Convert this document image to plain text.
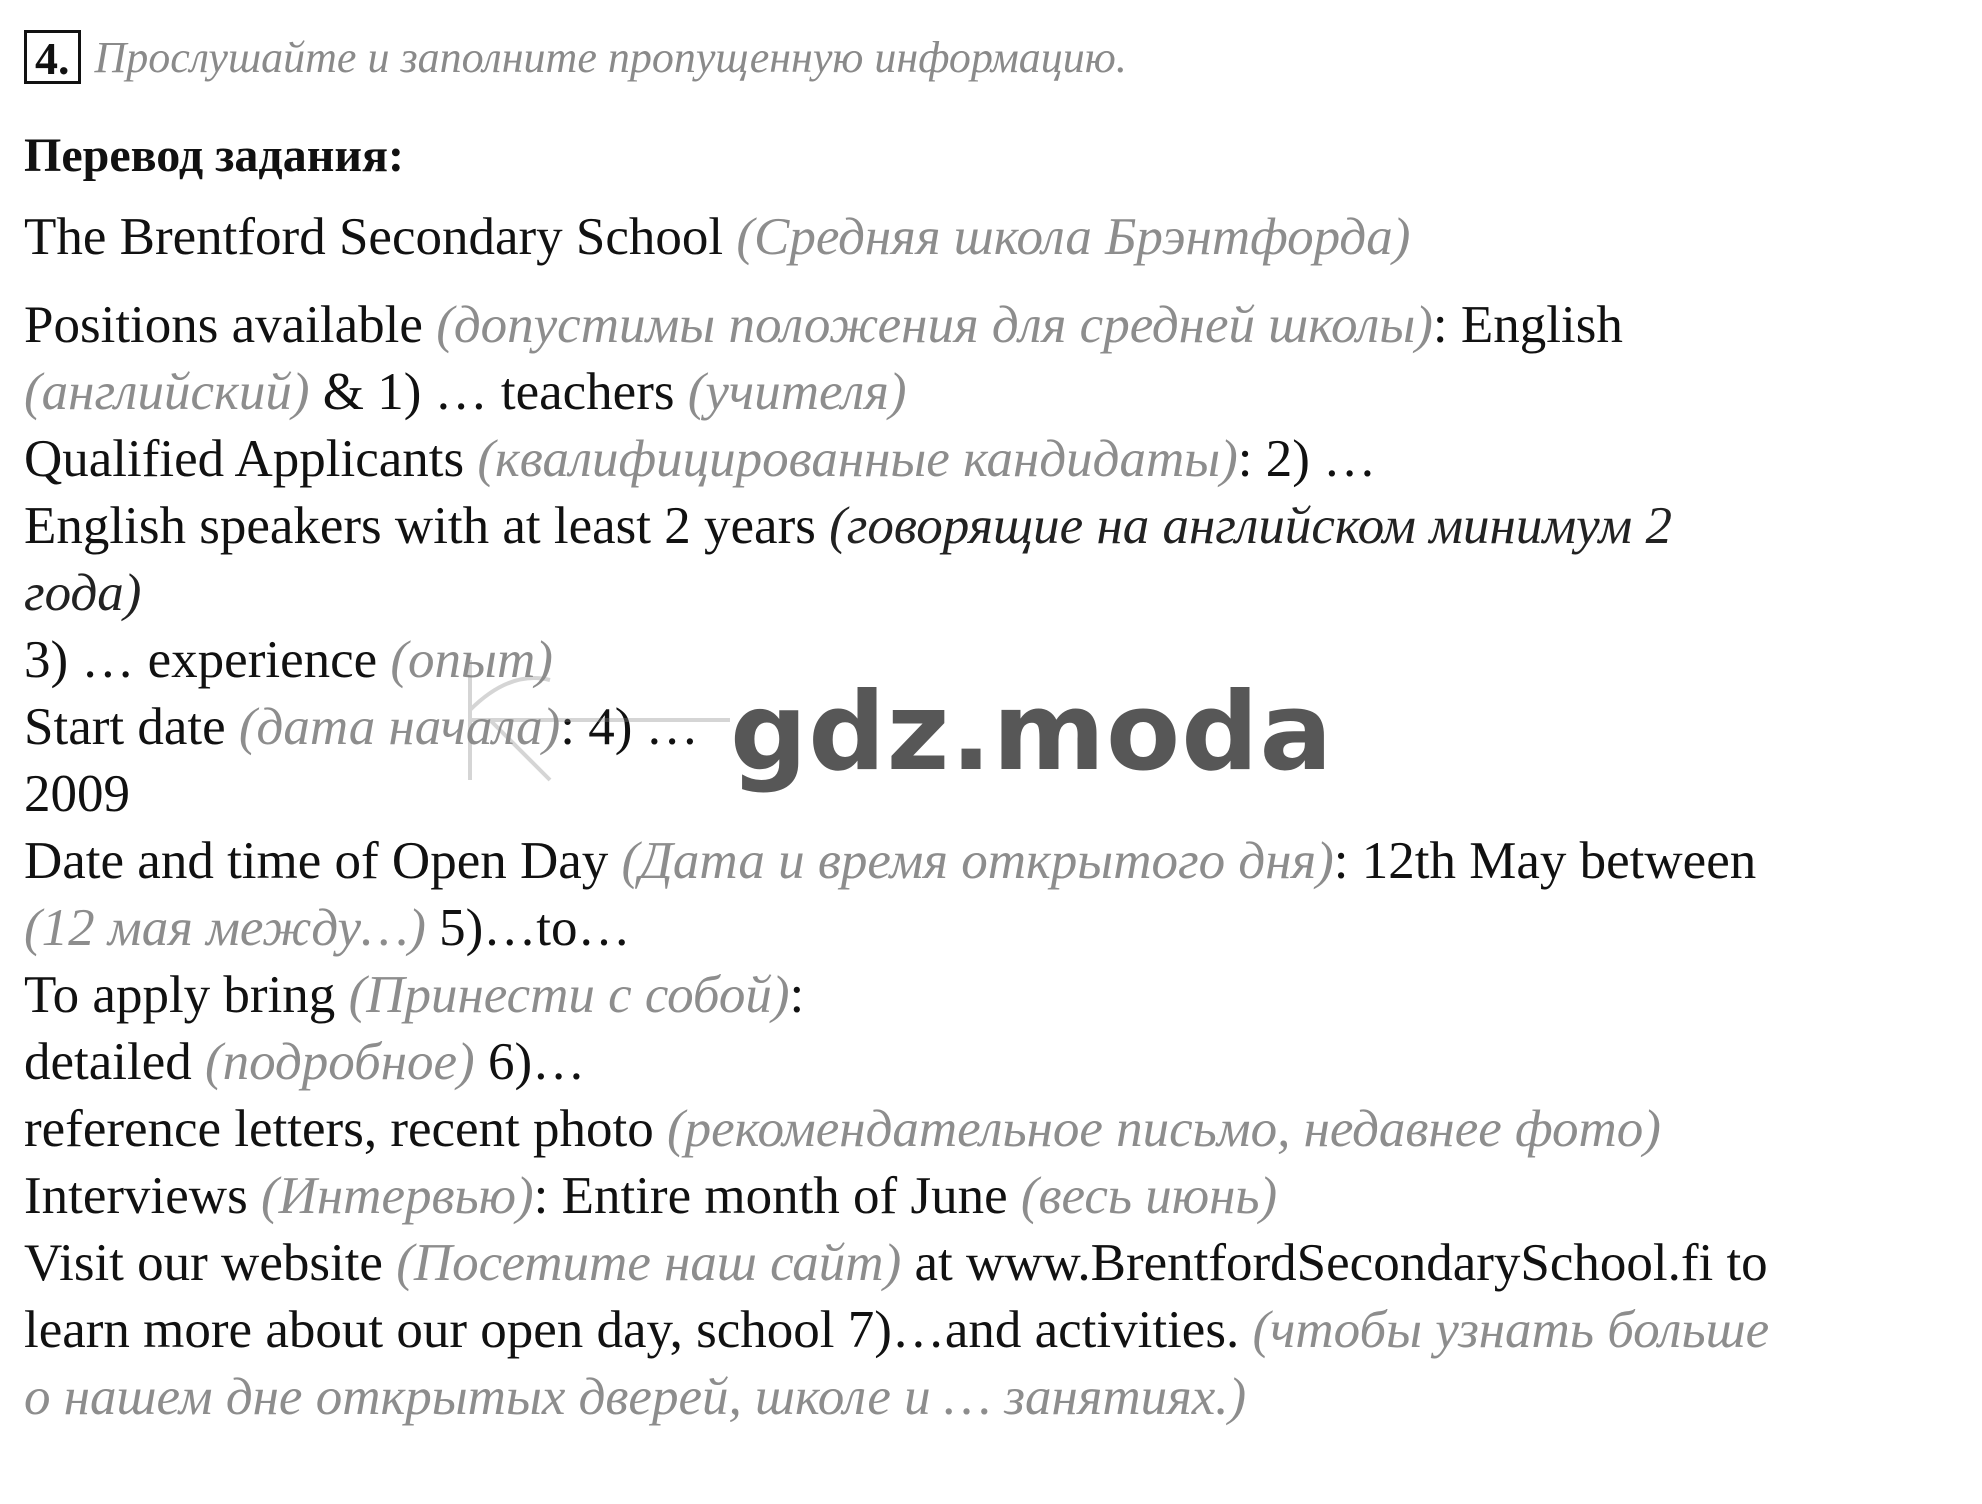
4. Прослушайте и заполните пропущенную информацию.
Перевод задания:
The Brentford Secondary School (Средняя школа Брэнтфорда)
Positions available (допустимы положения для средней школы): English
(английский) & 1) … teachers (учителя)
Qualified Applicants (квалифицированные кандидаты): 2) …
English speakers with at least 2 years (говорящие на английском минимум 2
года)
3) … experience (опыт)
Start date (дата начала): 4) …
2009
Date and time of Open Day (Дата и время открытого дня): 12th May between
(12 мая между…) 5)…to…
To apply bring (Принести с собой):
detailed (подробное) 6)…
reference letters, recent photo (рекомендательное письмо, недавнее фото)
Interviews (Интервью): Entire month of June (весь июнь)
Visit our website (Посетите наш сайт) at www.BrentfordSecondarySchool.fi to
learn more about our open day, school 7)…and activities. (чтобы узнать больше
о нашем дне открытых дверей, школе и … занятиях.)
gdz.moda
